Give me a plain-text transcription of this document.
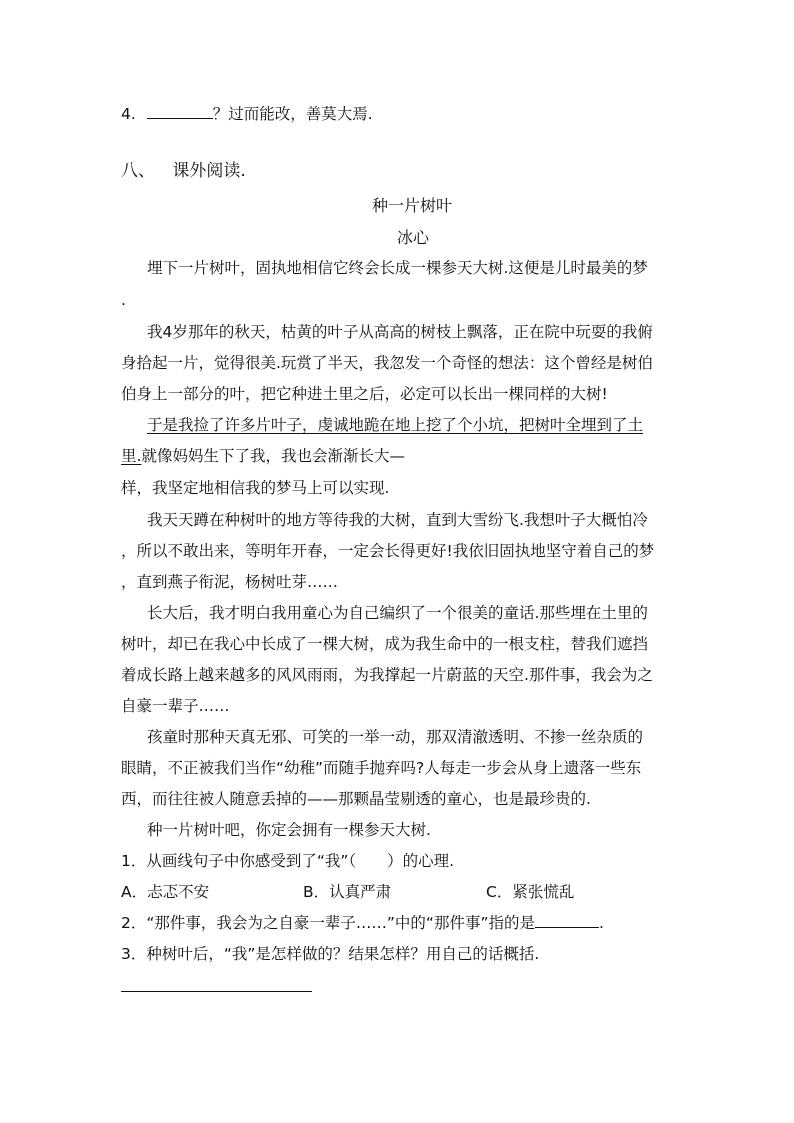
4.	？过而能改，善莫大焉.
八、 课外阅读.
种一片树叶
冰心
埋下一片树叶，固执地相信它终会长成一棵参天大树.这便是儿时最美的梦
.
我4岁那年的秋天，枯黄的叶子从高高的树枝上飘落，正在院中玩耍的我俯
身拾起一片，觉得很美.玩赏了半天，我忽发一个奇怪的想法：这个曾经是树伯
伯身上一部分的叶，把它种进土里之后，必定可以长出一棵同样的大树!
于是我捡了许多片叶子，虔诚地跪在地上挖了个小坑，把树叶全埋到了土
里.就像妈妈生下了我，我也会渐渐长大—
样，我坚定地相信我的梦马上可以实现.
我天天蹲在种树叶的地方等待我的大树，直到大雪纷飞.我想叶子大概怕冷
，所以不敢出来，等明年开春，一定会长得更好!我依旧固执地坚守着自己的梦
，直到燕子衔泥，杨树吐芽……
长大后，我才明白我用童心为自己编织了一个很美的童话.那些埋在土里的
树叶，却已在我心中长成了一棵大树，成为我生命中的一根支柱，替我们遮挡
着成长路上越来越多的风风雨雨，为我撑起一片蔚蓝的天空.那件事，我会为之
自豪一辈子……
孩童时那种天真无邪、可笑的一举一动，那双清澈透明、不掺一丝杂质的
眼睛，不正被我们当作“幼稚”而随手抛弃吗?人每走一步会从身上遗落一些东
西，而往往被人随意丢掉的——那颗晶莹剔透的童心，也是最珍贵的.
种一片树叶吧，你定会拥有一棵参天大树.
1．从画线句子中你感受到了“我”（　　）的心理.
A．忐忑不安	B．认真严肃	C．紧张慌乱
2．“那件事，我会为之自豪一辈子……”中的“那件事”指的是	.
3．种树叶后，“我”是怎样做的？结果怎样？用自己的话概括.
